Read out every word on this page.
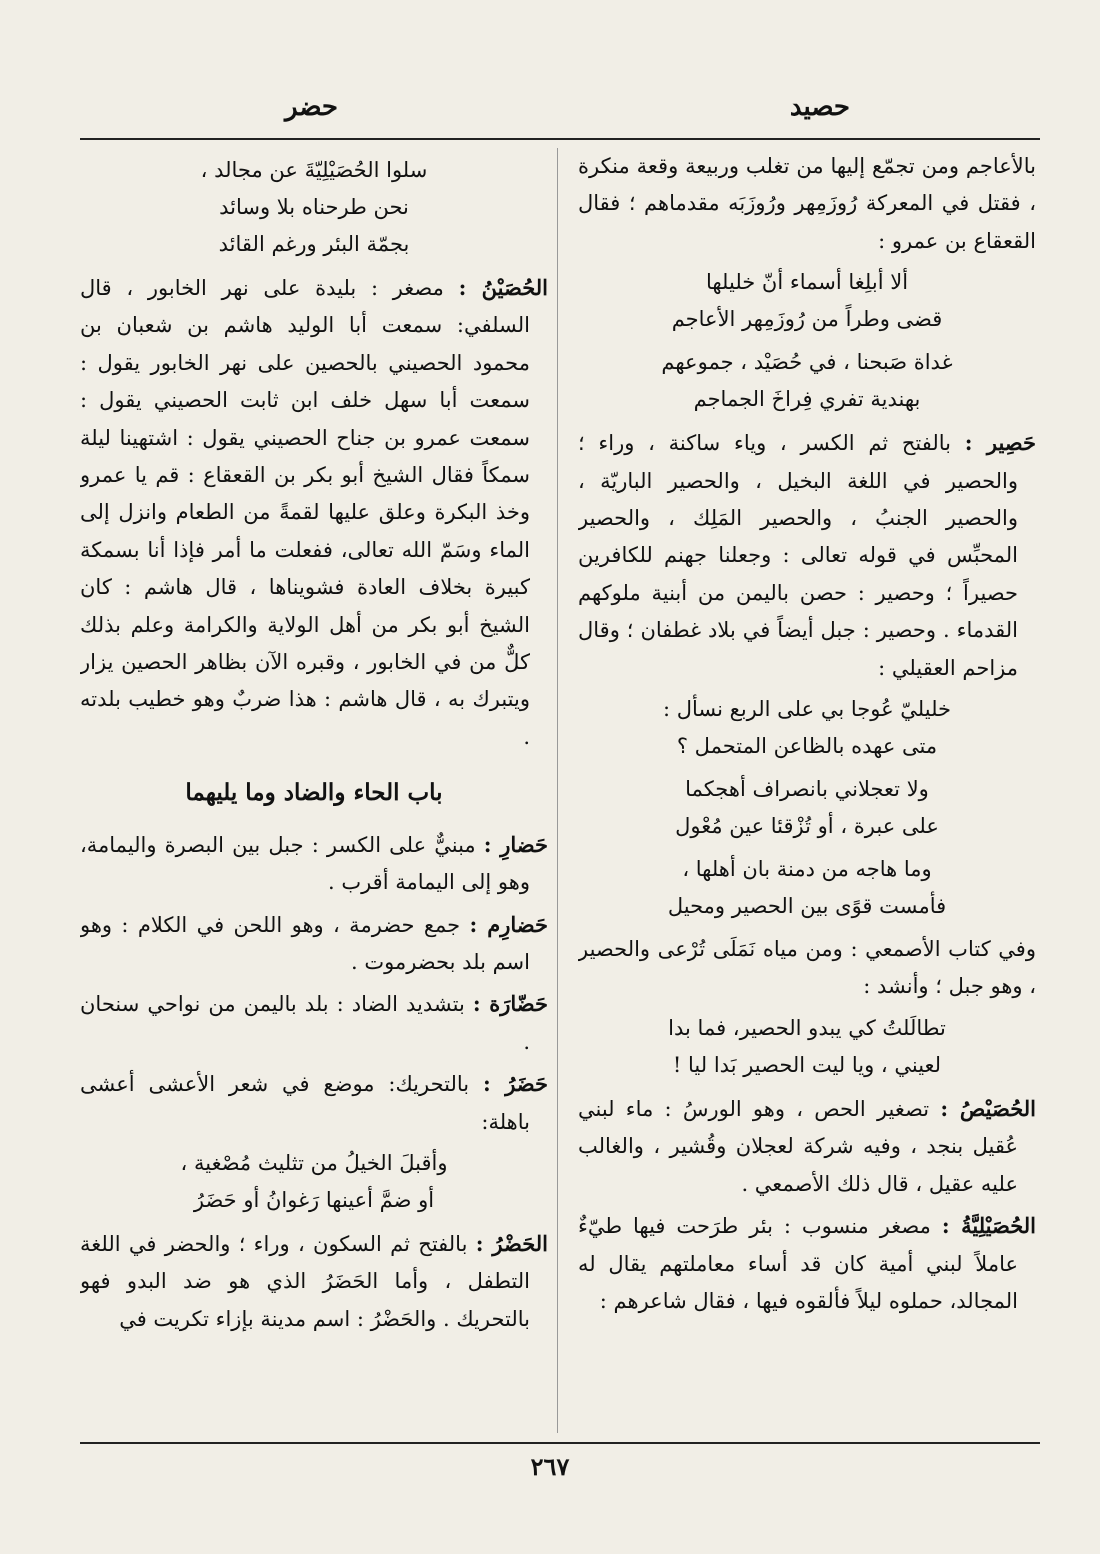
حصيد
حضر

بالأعاجم ومن تجمّع إليها من تغلب وربيعة وقعة منكرة ، فقتل في المعركة رُوزَمِهر ورُوزَبَه مقدماهم ؛ فقال القعقاع بن عمرو :

ألا أبلِغا أسماء أنّ خليلها
قضى وطراً من رُوزَمِهر الأعاجم
غداة صَبحنا ، في حُصَيْد ، جموعهم
بهندية تفري فِراخَ الجماجم

حَصِير : بالفتح ثم الكسر ، وياء ساكنة ، وراء ؛ والحصير في اللغة البخيل ، والحصير الباريّة ، والحصير الجنبُ ، والحصير المَلِك ، والحصير المحبِّس في قوله تعالى : وجعلنا جهنم للكافرين حصيراً ؛ وحصير : حصن باليمن من أبنية ملوكهم القدماء . وحصير : جبل أيضاً في بلاد غطفان ؛ وقال مزاحم العقيلي :

خليليّ عُوجا بي على الربع نسأل :
متى عهده بالظاعن المتحمل ؟
ولا تعجلاني بانصراف أهجكما
على عبرة ، أو تُزْقئا عين مُعْول
وما هاجه من دمنة بان أهلها ،
فأمست قوًى بين الحصير ومحيل

وفي كتاب الأصمعي : ومن مياه نَمَلَى تُرْعى والحصير ، وهو جبل ؛ وأنشد :

تطالَلتُ كي يبدو الحصير، فما بدا
لعيني ، ويا ليت الحصير بَدا ليا !

الحُصَيْصُ : تصغير الحص ، وهو الورسُ : ماء لبني عُقيل بنجد ، وفيه شركة لعجلان وقُشير ، والغالب عليه عقيل ، قال ذلك الأصمعي .

الحُصَيْلِيَّةُ : مصغر منسوب : بئر طرَحت فيها طيّءٌ عاملاً لبني أمية كان قد أساء معاملتهم يقال له المجالد، حملوه ليلاً فألقوه فيها ، فقال شاعرهم :

سلوا الحُصَيْلِيّةَ عن مجالد ،
نحن طرحناه بلا وسائد
بجمّة البئر ورغم القائد

الحُصَيْنُ : مصغر : بليدة على نهر الخابور ، قال السلفي: سمعت أبا الوليد هاشم بن شعبان بن محمود الحصيني بالحصين على نهر الخابور يقول : سمعت أبا سهل خلف ابن ثابت الحصيني يقول : سمعت عمرو بن جناح الحصيني يقول : اشتهينا ليلة سمكاً فقال الشيخ أبو بكر بن القعقاع : قم يا عمرو وخذ البكرة وعلق عليها لقمةً من الطعام وانزل إلى الماء وسَمّ الله تعالى، ففعلت ما أمر فإذا أنا بسمكة كبيرة بخلاف العادة فشويناها ، قال هاشم : كان الشيخ أبو بكر من أهل الولاية والكرامة وعلم بذلك كلٌّ من في الخابور ، وقبره الآن بظاهر الحصين يزار ويتبرك به ، قال هاشم : هذا ضربٌ وهو خطيب بلدته .

باب الحاء والضاد وما يليهما

حَضارِ : مبنيٌّ على الكسر : جبل بين البصرة واليمامة، وهو إلى اليمامة أقرب .

حَضارِم : جمع حضرمة ، وهو اللحن في الكلام : وهو اسم بلد بحضرموت .

حَضّارَة : بتشديد الضاد : بلد باليمن من نواحي سنحان .

حَضَرُ : بالتحريك: موضع في شعر الأعشى أعشى باهلة:

وأقبلَ الخيلُ من تثليث مُصْغية ،
أو ضمَّ أعينها رَغوانُ أو حَضَرُ

الحَضْرُ : بالفتح ثم السكون ، وراء ؛ والحضر في اللغة التطفل ، وأما الحَضَرُ الذي هو ضد البدو فهو بالتحريك . والحَضْرُ : اسم مدينة بإزاء تكريت في

٢٦٧
